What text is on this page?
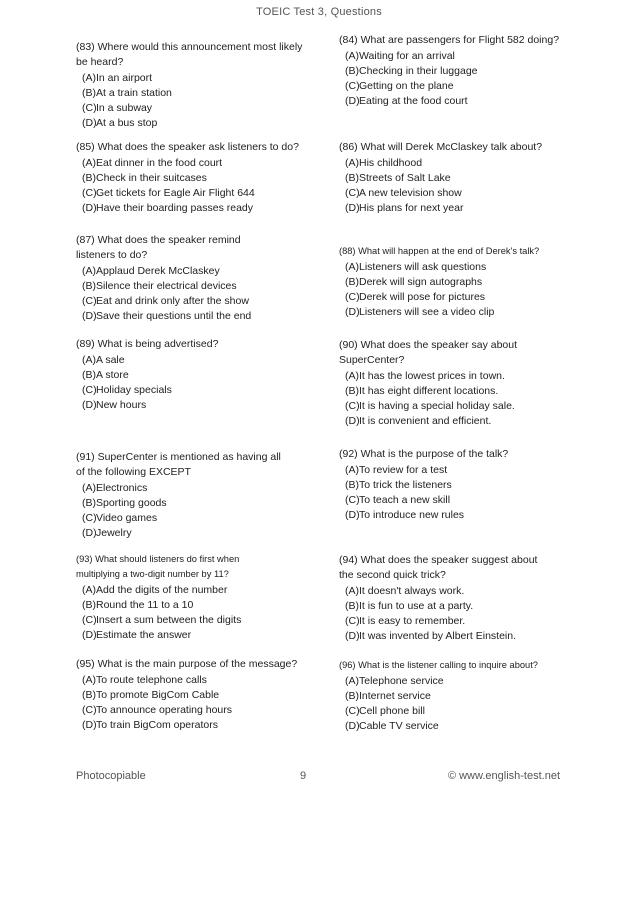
TOEIC Test 3, Questions
(83) Where would this announcement most likely be heard?
(A)In an airport
(B)At a train station
(C)In a subway
(D)At a bus stop
(85) What does the speaker ask listeners to do?
(A)Eat dinner in the food court
(B)Check in their suitcases
(C)Get tickets for Eagle Air Flight 644
(D)Have their boarding passes ready
(87) What does the speaker remind listeners to do?
(A)Applaud Derek McClaskey
(B)Silence their electrical devices
(C)Eat and drink only after the show
(D)Save their questions until the end
(89) What is being advertised?
(A)A sale
(B)A store
(C)Holiday specials
(D)New hours
(91) SuperCenter is mentioned as having all of the following EXCEPT
(A)Electronics
(B)Sporting goods
(C)Video games
(D)Jewelry
(93) What should listeners do first when multiplying a two-digit number by 11?
(A)Add the digits of the number
(B)Round the 11 to a 10
(C)Insert a sum between the digits
(D)Estimate the answer
(95) What is the main purpose of the message?
(A)To route telephone calls
(B)To promote BigCom Cable
(C)To announce operating hours
(D)To train BigCom operators
(84) What are passengers for Flight 582 doing?
(A)Waiting for an arrival
(B)Checking in their luggage
(C)Getting on the plane
(D)Eating at the food court
(86) What will Derek McClaskey talk about?
(A)His childhood
(B)Streets of Salt Lake
(C)A new television show
(D)His plans for next year
(88) What will happen at the end of Derek's talk?
(A)Listeners will ask questions
(B)Derek will sign autographs
(C)Derek will pose for pictures
(D)Listeners will see a video clip
(90) What does the speaker say about SuperCenter?
(A)It has the lowest prices in town.
(B)It has eight different locations.
(C)It is having a special holiday sale.
(D)It is convenient and efficient.
(92) What is the purpose of the talk?
(A)To review for a test
(B)To trick the listeners
(C)To teach a new skill
(D)To introduce new rules
(94) What does the speaker suggest about the second quick trick?
(A)It doesn't always work.
(B)It is fun to use at a party.
(C)It is easy to remember.
(D)It was invented by Albert Einstein.
(96) What is the listener calling to inquire about?
(A)Telephone service
(B)Internet service
(C)Cell phone bill
(D)Cable TV service
Photocopiable	9	© www.english-test.net
